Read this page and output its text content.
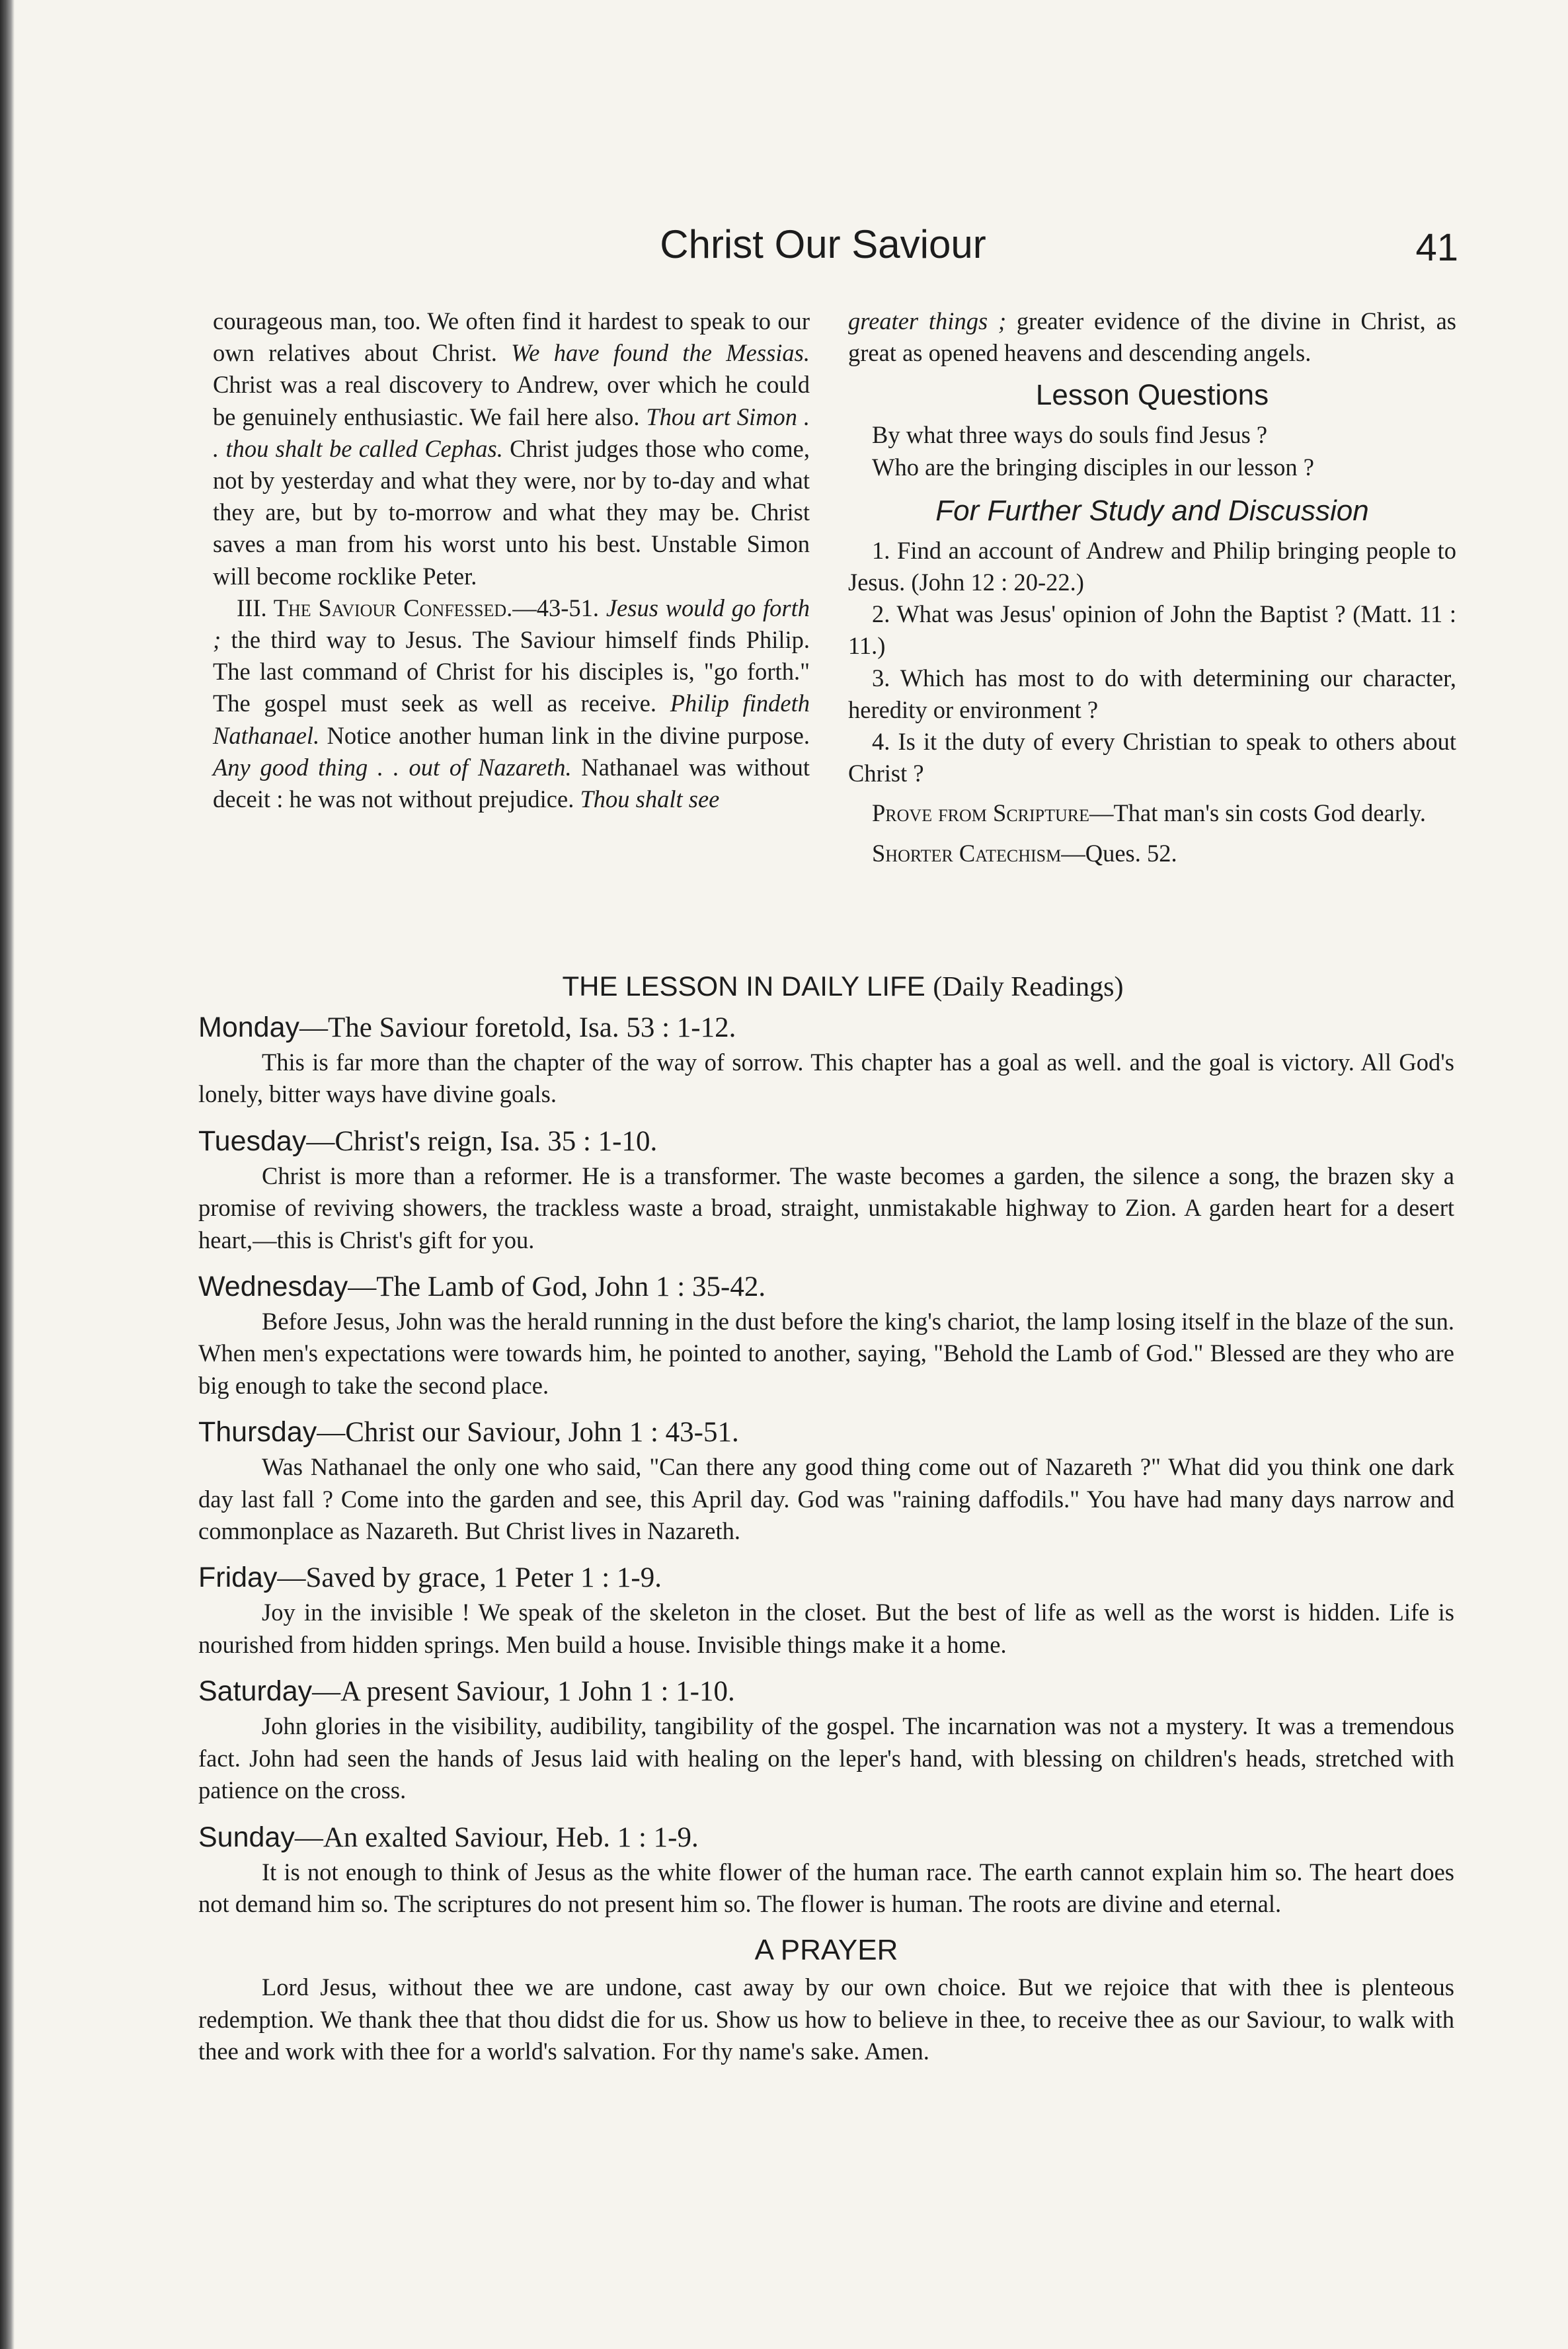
Christ Our Saviour	41

courageous man, too. We often find it hardest to speak to our own relatives about Christ. We have found the Messias. Christ was a real discovery to Andrew, over which he could be genuinely enthusiastic. We fail here also. Thou art Simon . . thou shalt be called Cephas. Christ judges those who come, not by yesterday and what they were, nor by to-day and what they are, but by to-morrow and what they may be. Christ saves a man from his worst unto his best. Unstable Simon will become rocklike Peter.

III. The Saviour Confessed.—43-51. Jesus would go forth ; the third way to Jesus. The Saviour himself finds Philip. The last command of Christ for his disciples is, "go forth." The gospel must seek as well as receive. Philip findeth Nathanael. Notice another human link in the divine purpose. Any good thing . . out of Nazareth. Nathanael was without deceit : he was not without prejudice. Thou shalt see

greater things ; greater evidence of the divine in Christ, as great as opened heavens and descending angels.

Lesson Questions

By what three ways do souls find Jesus ?

Who are the bringing disciples in our lesson ?

For Further Study and Discussion

1. Find an account of Andrew and Philip bringing people to Jesus. (John 12 : 20-22.)

2. What was Jesus' opinion of John the Baptist ? (Matt. 11 : 11.)

3. Which has most to do with determining our character, heredity or environment ?

4. Is it the duty of every Christian to speak to others about Christ ?

Prove from Scripture—That man's sin costs God dearly.

Shorter Catechism—Ques. 52.

THE LESSON IN DAILY LIFE (Daily Readings)
Monday—The Saviour foretold, Isa. 53 : 1-12.

This is far more than the chapter of the way of sorrow. This chapter has a goal as well. and the goal is victory. All God's lonely, bitter ways have divine goals.

Tuesday—Christ's reign, Isa. 35 : 1-10.

Christ is more than a reformer. He is a transformer. The waste becomes a garden, the silence a song, the brazen sky a promise of reviving showers, the trackless waste a broad, straight, unmistakable highway to Zion. A garden heart for a desert heart,—this is Christ's gift for you.

Wednesday—The Lamb of God, John 1 : 35-42.

Before Jesus, John was the herald running in the dust before the king's chariot, the lamp losing itself in the blaze of the sun. When men's expectations were towards him, he pointed to another, saying, "Behold the Lamb of God." Blessed are they who are big enough to take the second place.

Thursday—Christ our Saviour, John 1 : 43-51.

Was Nathanael the only one who said, "Can there any good thing come out of Nazareth ?" What did you think one dark day last fall ? Come into the garden and see, this April day. God was "raining daffodils." You have had many days narrow and commonplace as Nazareth. But Christ lives in Nazareth.

Friday—Saved by grace, 1 Peter 1 : 1-9.

Joy in the invisible ! We speak of the skeleton in the closet. But the best of life as well as the worst is hidden. Life is nourished from hidden springs. Men build a house. Invisible things make it a home.

Saturday—A present Saviour, 1 John 1 : 1-10.

John glories in the visibility, audibility, tangibility of the gospel. The incarnation was not a mystery. It was a tremendous fact. John had seen the hands of Jesus laid with healing on the leper's hand, with blessing on children's heads, stretched with patience on the cross.

Sunday—An exalted Saviour, Heb. 1 : 1-9.

It is not enough to think of Jesus as the white flower of the human race. The earth cannot explain him so. The heart does not demand him so. The scriptures do not present him so. The flower is human. The roots are divine and eternal.

A PRAYER

Lord Jesus, without thee we are undone, cast away by our own choice. But we rejoice that with thee is plenteous redemption. We thank thee that thou didst die for us. Show us how to believe in thee, to receive thee as our Saviour, to walk with thee and work with thee for a world's salvation. For thy name's sake. Amen.
